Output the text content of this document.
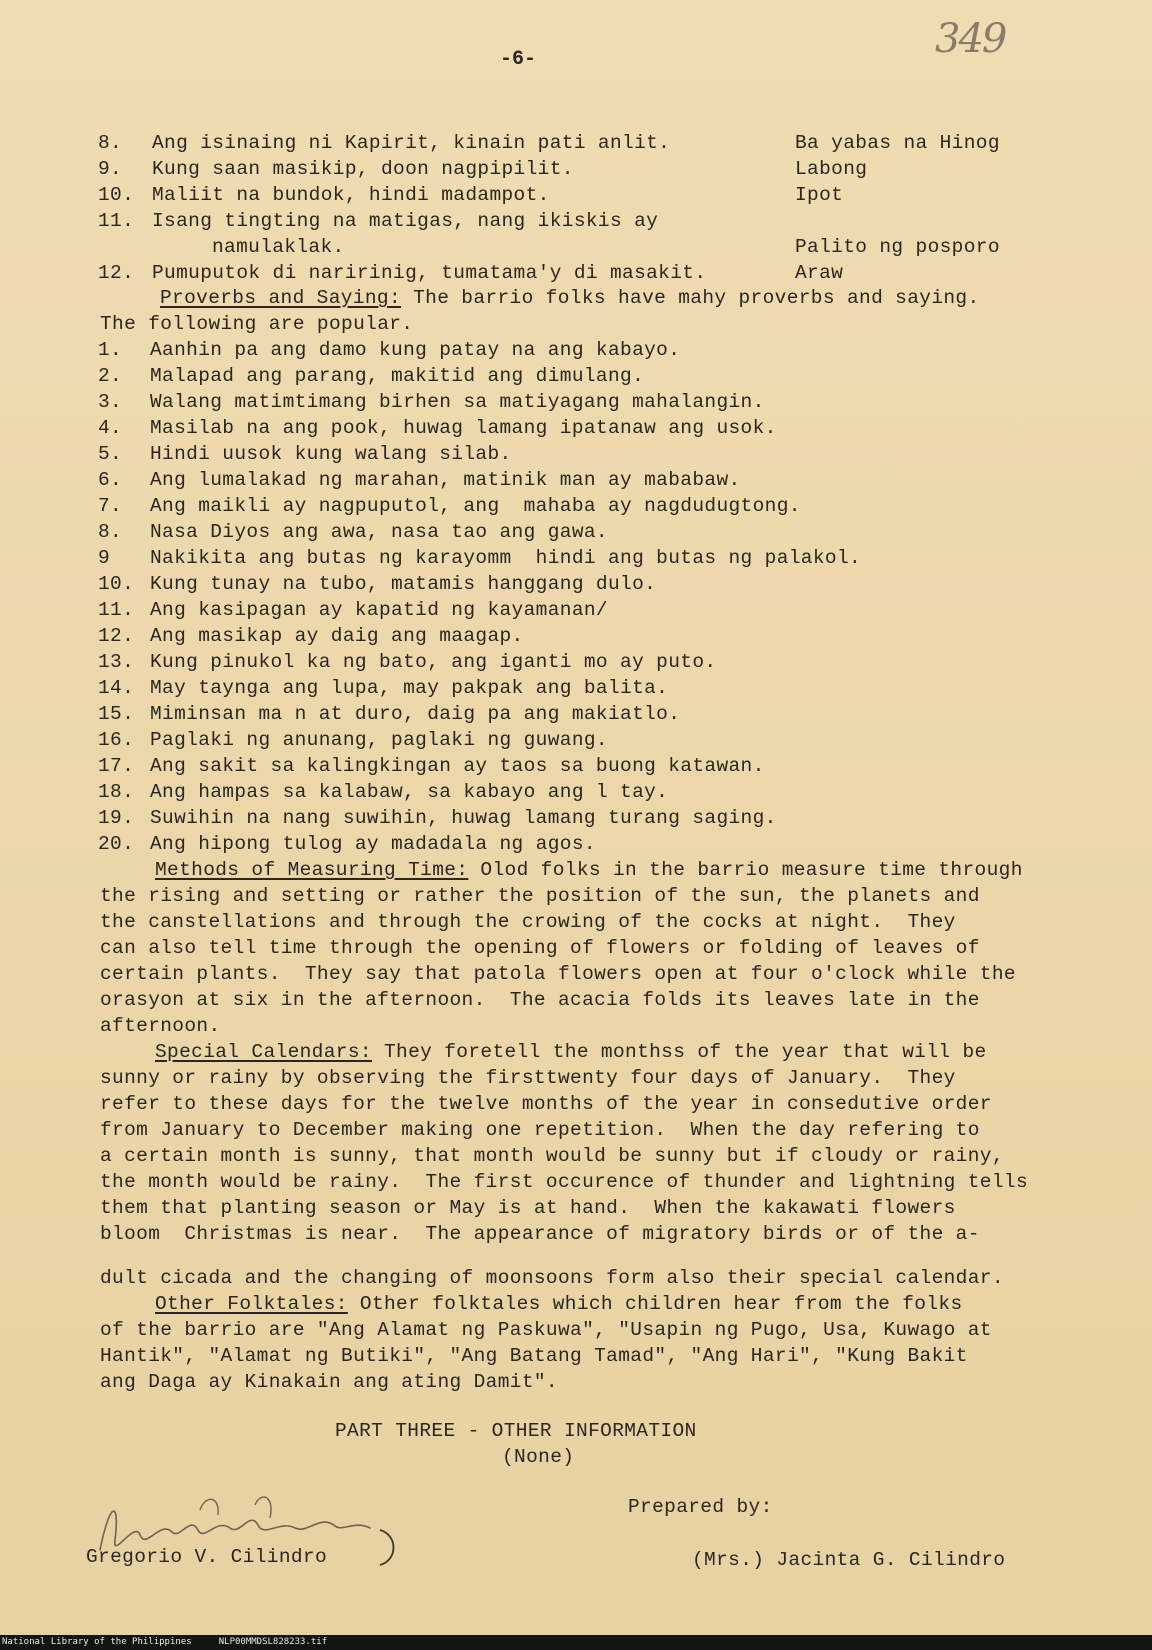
-6-	349
8. Ang isinaing ni Kapirit, kinain pati anlit.	Ba yabas na Hinog
9. Kung saan masikip, doon nagpipilit.	Labong
10. Maliit na bundok, hindi madampot.	Ipot
11. Isang tingting na matigas, nang ikiskis ay
namulaklak.	Palito ng posporo
12. Pumuputok di naririnig, tumatama'y di masakit.	Araw
Proverbs and Saying: The barrio folks have mahy proverbs and saying.
The following are popular.
1. Aanhin pa ang damo kung patay na ang kabayo.
2. Malapad ang parang, makitid ang dimulang.
3. Walang matimtimang birhen sa matiyagang mahalangin.
4. Masilab na ang pook, huwag lamang ipatanaw ang usok.
5. Hindi uusok kung walang silab.
6. Ang lumalakad ng marahan, matinik man ay mababaw.
7. Ang maikli ay nagpuputol, ang  mahaba ay nagdudugtong.
8. Nasa Diyos ang awa, nasa tao ang gawa.
9 Nakikita ang butas ng karayomm  hindi ang butas ng palakol.
10. Kung tunay na tubo, matamis hanggang dulo.
11. Ang kasipagan ay kapatid ng kayamanan/
12. Ang masikap ay daig ang maagap.
13. Kung pinukol ka ng bato, ang iganti mo ay puto.
14. May taynga ang lupa, may pakpak ang balita.
15. Miminsan ma n at duro, daig pa ang makiatlo.
16. Paglaki ng anunang, paglaki ng guwang.
17. Ang sakit sa kalingkingan ay taos sa buong katawan.
18. Ang hampas sa kalabaw, sa kabayo ang l tay.
19. Suwihin na nang suwihin, huwag lamang turang saging.
20. Ang hipong tulog ay madadala ng agos.
Methods of Measuring Time: Olod folks in the barrio measure time through
the rising and setting or rather the position of the sun, the planets and
the canstellations and through the crowing of the cocks at night.  They
can also tell time through the opening of flowers or folding of leaves of
certain plants.  They say that patola flowers open at four o'clock while the
orasyon at six in the afternoon.  The acacia folds its leaves late in the
afternoon.
Special Calendars: They foretell the monthss of the year that will be
sunny or rainy by observing the firsttwenty four days of January.  They
refer to these days for the twelve months of the year in consedutive order
from January to December making one repetition.  When the day refering to
a certain month is sunny, that month would be sunny but if cloudy or rainy,
the month would be rainy.  The first occurence of thunder and lightning tells
them that planting season or May is at hand.  When the kakawati flowers
bloom  Christmas is near.  The appearance of migratory birds or of the a-
dult cicada and the changing of moonsoons form also their special calendar.
Other Folktales: Other folktales which children hear from the folks
of the barrio are "Ang Alamat ng Paskuwa", "Usapin ng Pugo, Usa, Kuwago at
Hantik", "Alamat ng Butiki", "Ang Batang Tamad", "Ang Hari", "Kung Bakit
ang Daga ay Kinakain ang ating Damit".
PART THREE - OTHER INFORMATION
(None)
Prepared by:
Gregorio V. Cilindro	(Mrs.) Jacinta G. Cilindro
National Library of the Philippines     NLP00MMDSL828233.tif
